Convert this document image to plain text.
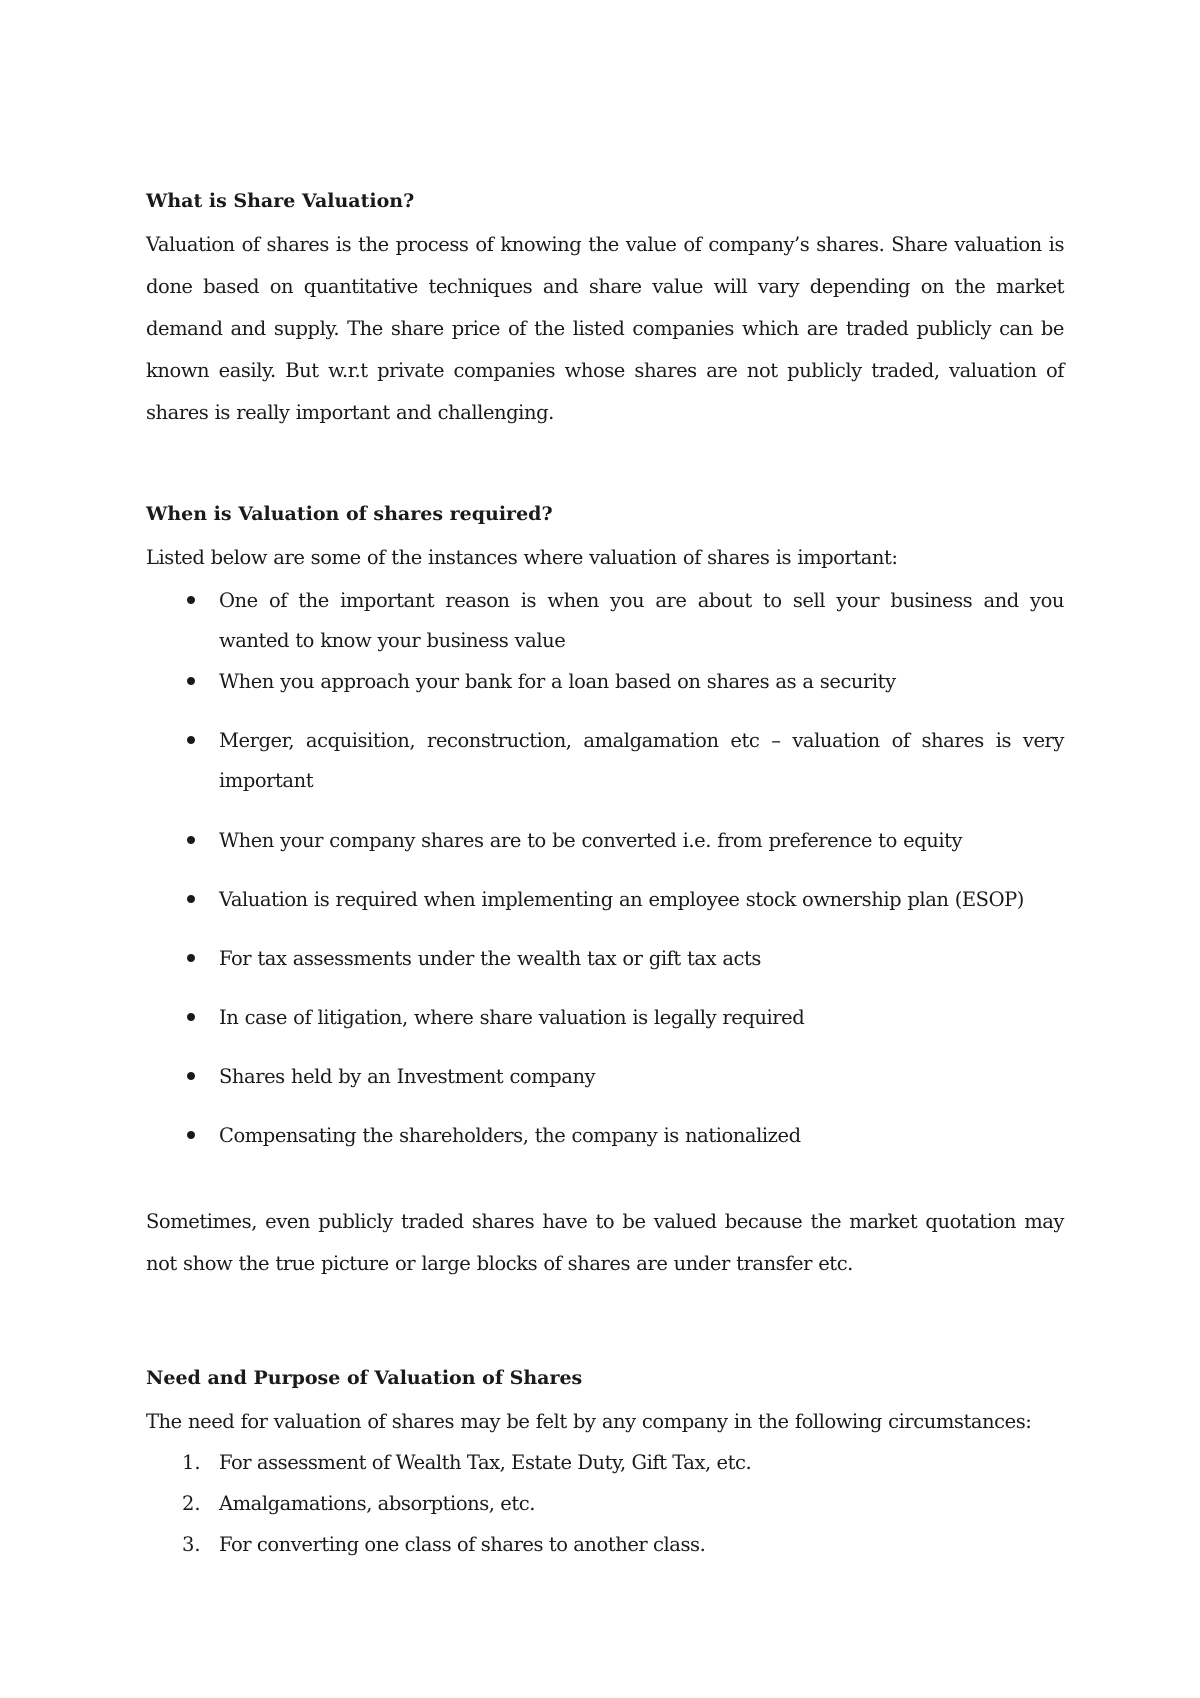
What is Share Valuation?
Valuation of shares is the process of knowing the value of company’s shares. Share valuation is done based on quantitative techniques and share value will vary depending on the market demand and supply. The share price of the listed companies which are traded publicly can be known easily. But w.r.t private companies whose shares are not publicly traded, valuation of shares is really important and challenging.
When is Valuation of shares required?
Listed below are some of the instances where valuation of shares is important:
One of the important reason is when you are about to sell your business and you wanted to know your business value
When you approach your bank for a loan based on shares as a security
Merger, acquisition, reconstruction, amalgamation etc – valuation of shares is very important
When your company shares are to be converted i.e. from preference to equity
Valuation is required when implementing an employee stock ownership plan (ESOP)
For tax assessments under the wealth tax or gift tax acts
In case of litigation, where share valuation is legally required
Shares held by an Investment company
Compensating the shareholders, the company is nationalized
Sometimes, even publicly traded shares have to be valued because the market quotation may not show the true picture or large blocks of shares are under transfer etc.
Need and Purpose of Valuation of Shares
The need for valuation of shares may be felt by any company in the following circumstances:
1. For assessment of Wealth Tax, Estate Duty, Gift Tax, etc.
2. Amalgamations, absorptions, etc.
3. For converting one class of shares to another class.
